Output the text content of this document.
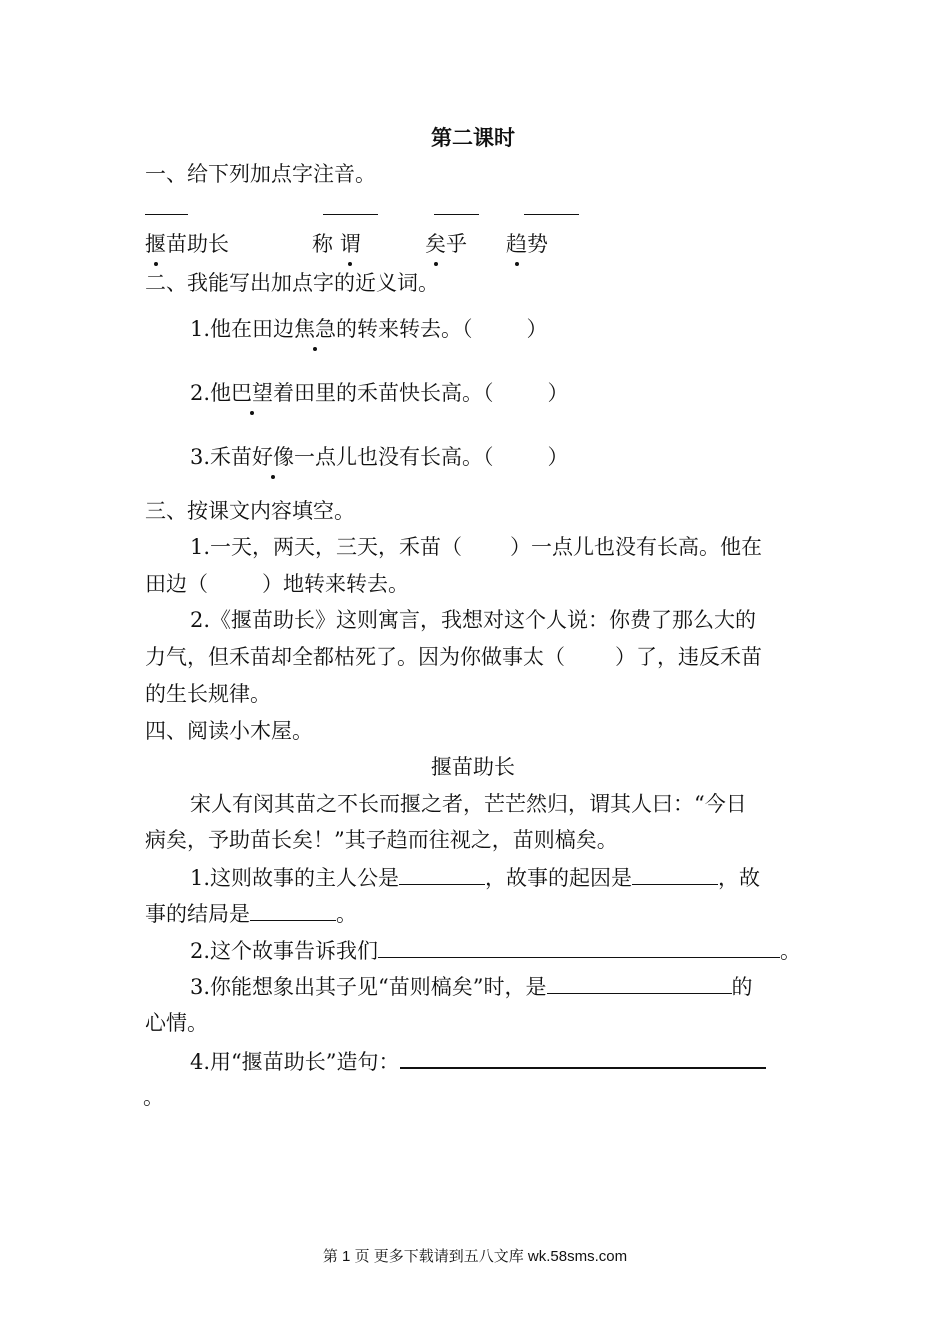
第二课时
一、给下列加点字注音。
揠苗助长	称 谓	矣乎 趋势
二、我能写出加点字的近义词。
1.他在田边焦急的转来转去。（	）
2.他巴望着田里的禾苗快长高。（	）
3.禾苗好像一点儿也没有长高。（	）
三、按课文内容填空。
1.一天，两天，三天，禾苗（ ）一点儿也没有长高。他在
田边（	）地转来转去。
2.《揠苗助长》这则寓言，我想对这个人说：你费了那么大的
力气，但禾苗却全都枯死了。因为你做事太（ ）了，违反禾苗
的生长规律。
四、阅读小木屋。
揠苗助长
宋人有闵其苗之不长而揠之者，芒芒然归，谓其人曰：“今日
病矣，予助苗长矣！”其子趋而往视之，苗则槁矣。
1.这则故事的主人公是	，故事的起因是	，故
事的结局是	。
2.这个故事告诉我们	。
3.你能想象出其子见“苗则槁矣”时，是	的
心情。
4.用“揠苗助长”造句：
。
第 1 页 更多下载请到五八文库 wk.58sms.com
